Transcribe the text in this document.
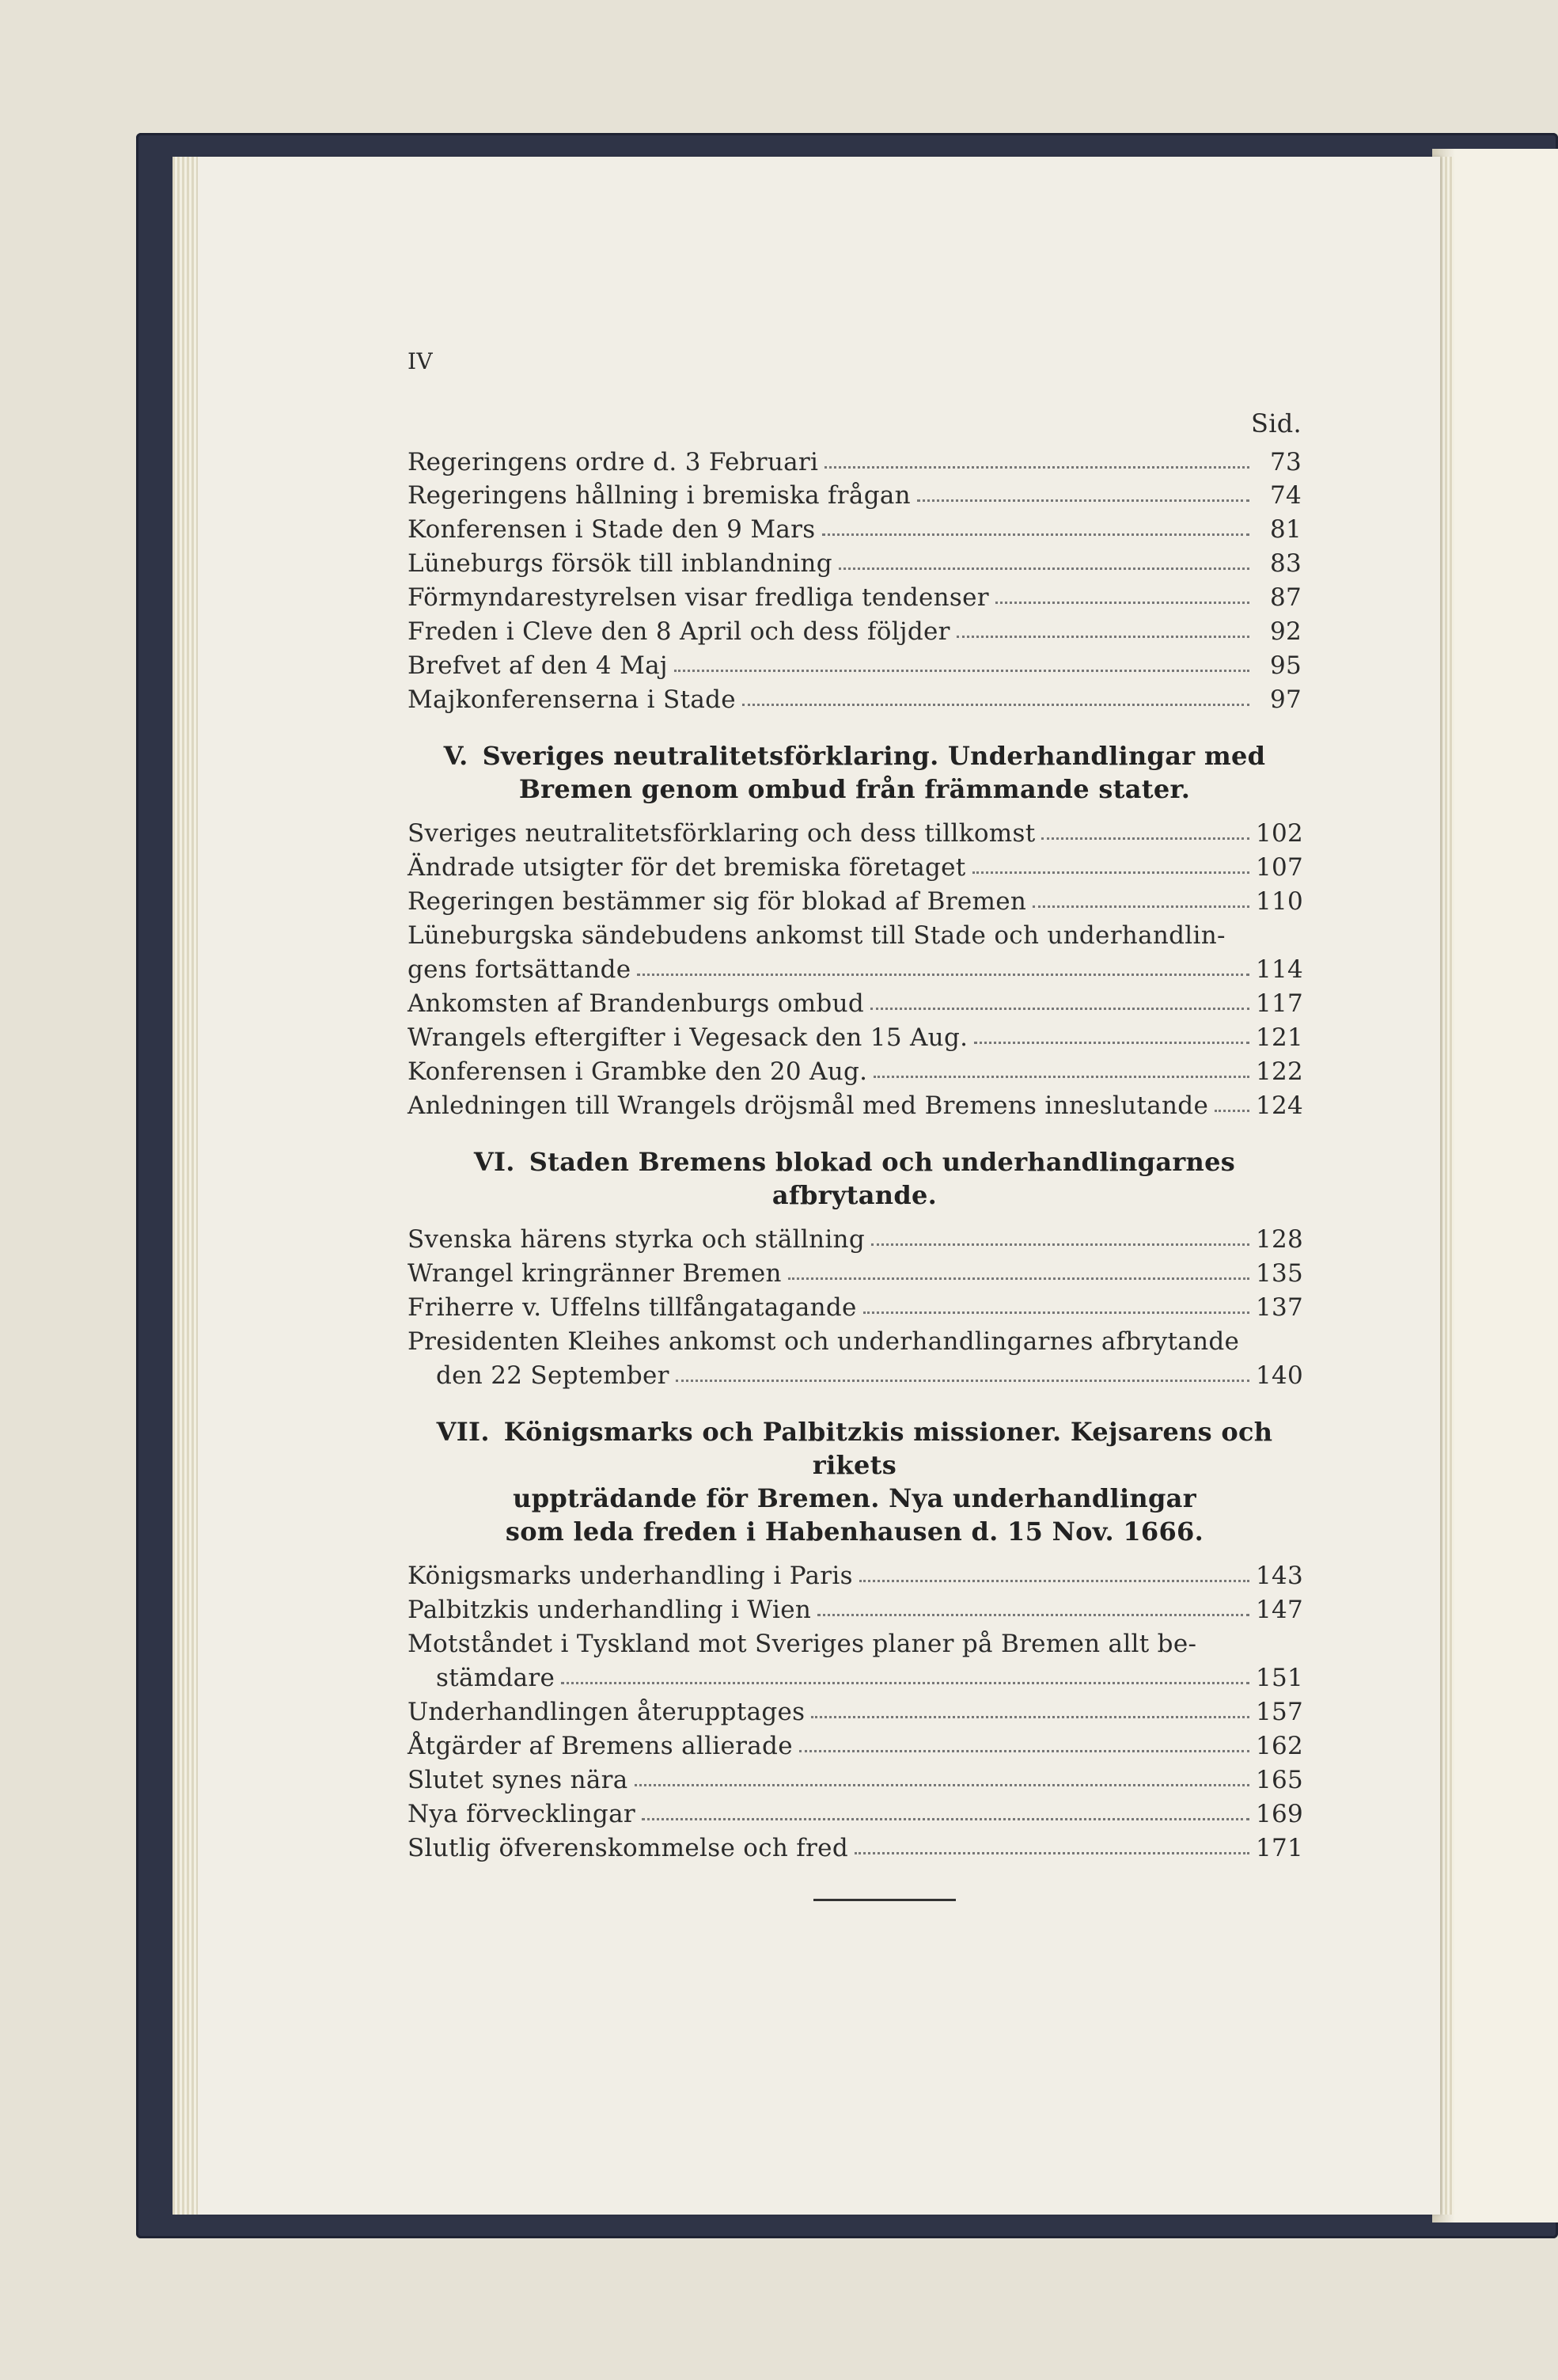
IV
Sid.
Regeringens ordre d. 3 Februari	73
Regeringens hållning i bremiska frågan	74
Konferensen i Stade den 9 Mars	81
Lüneburgs försök till inblandning	83
Förmyndarestyrelsen visar fredliga tendenser	87
Freden i Cleve den 8 April och dess följder	92
Brefvet af den 4 Maj	95
Majkonferenserna i Stade	97
V. Sveriges neutralitetsförklaring. Underhandlingar med
Bremen genom ombud från främmande stater.
Sveriges neutralitetsförklaring och dess tillkomst	102
Ändrade utsigter för det bremiska företaget	107
Regeringen bestämmer sig för blokad af Bremen	110
Lüneburgska sändebudens ankomst till Stade och underhandlin-
gens fortsättande	114
Ankomsten af Brandenburgs ombud	117
Wrangels eftergifter i Vegesack den 15 Aug.	121
Konferensen i Grambke den 20 Aug.	122
Anledningen till Wrangels dröjsmål med Bremens inneslutande 124
VI. Staden Bremens blokad och underhandlingarnes afbrytande.
Svenska härens styrka och ställning	128
Wrangel kringränner Bremen	135
Friherre v. Uffelns tillfångatagande	137
Presidenten Kleihes ankomst och underhandlingarnes afbrytande
den 22 September	140
VII. Königsmarks och Palbitzkis missioner. Kejsarens och rikets
uppträdande för Bremen. Nya underhandlingar
som leda freden i Habenhausen d. 15 Nov. 1666.
Königsmarks underhandling i Paris	143
Palbitzkis underhandling i Wien	147
Motståndet i Tyskland mot Sveriges planer på Bremen allt be-
stämdare	151
Underhandlingen återupptages	157
Åtgärder af Bremens allierade	162
Slutet synes nära	165
Nya förvecklingar	169
Slutlig öfverenskommelse och fred	171
